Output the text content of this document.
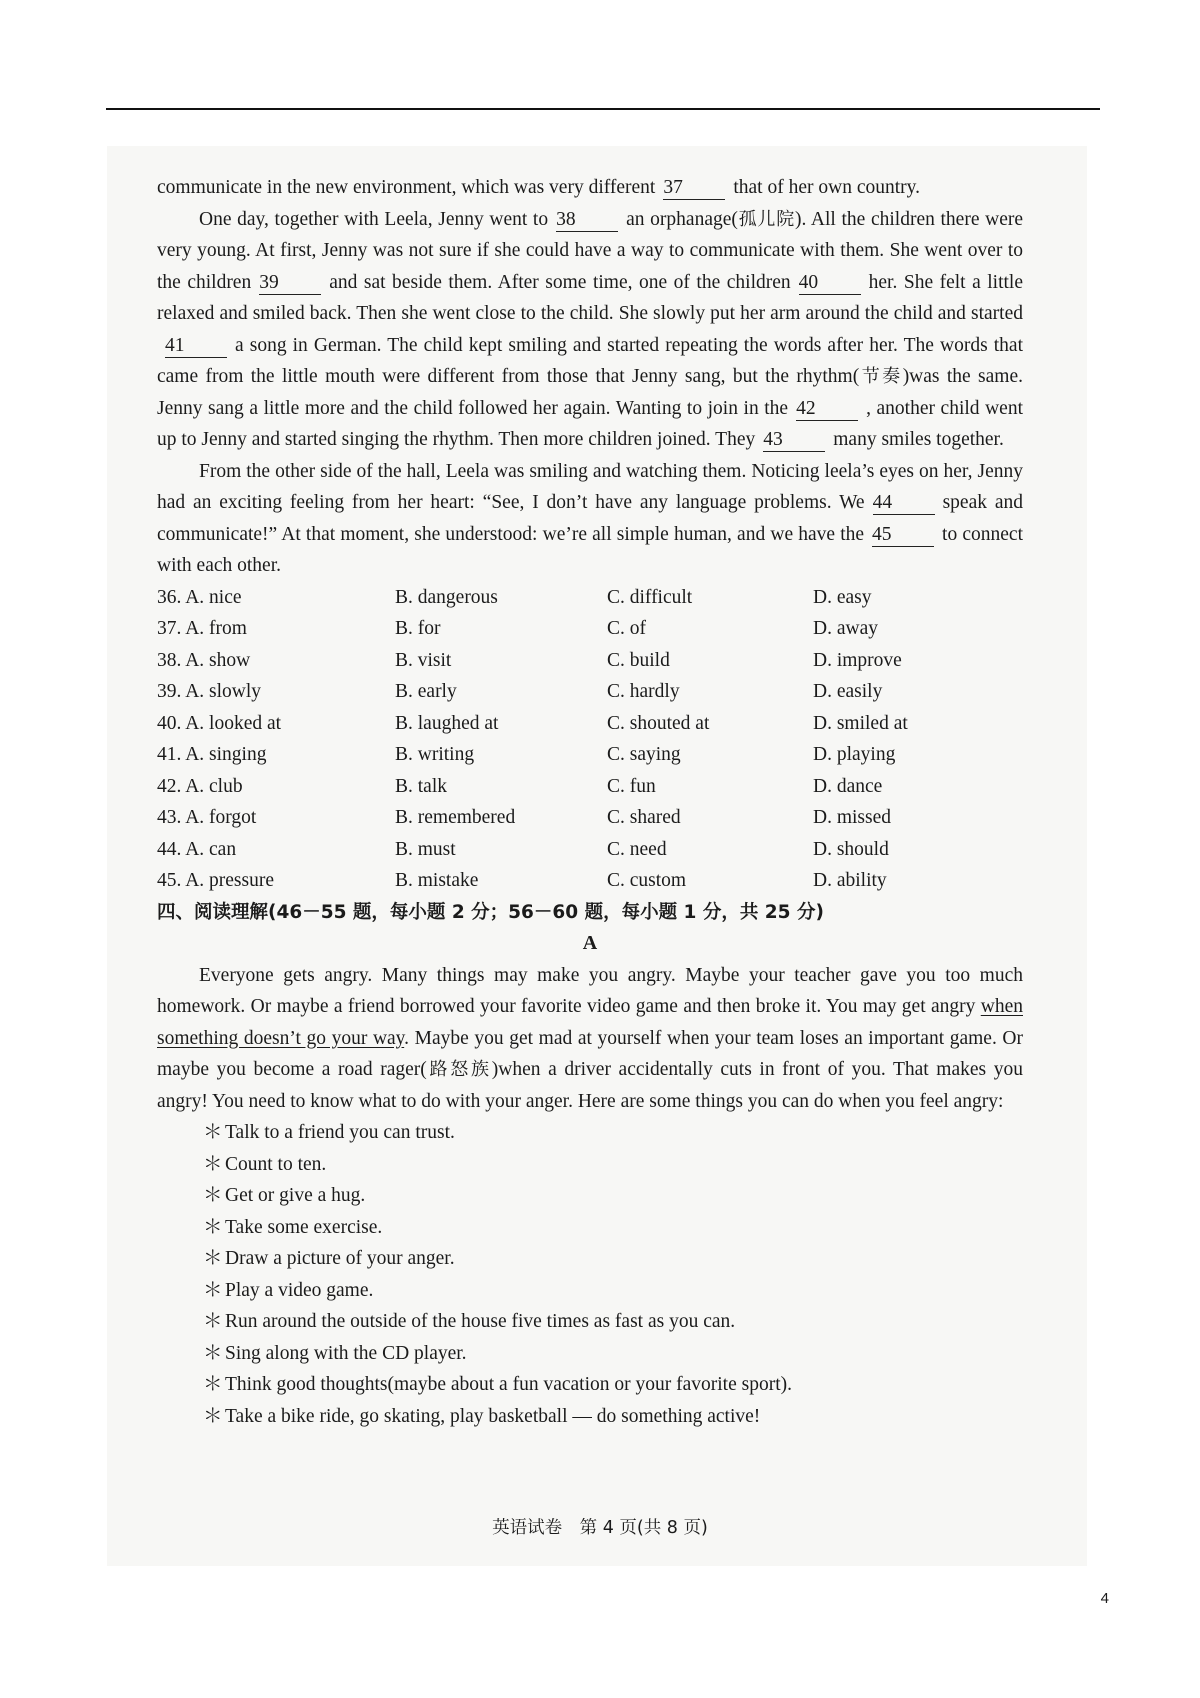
communicate in the new environment, which was very different 37	that of her own country.

One day, together with Leela, Jenny went to 38	an orphanage(孤儿院). All the children there were very young. At first, Jenny was not sure if she could have a way to communicate with them. She went over to the children 39	and sat beside them. After some time, one of the children 40	her. She felt a little relaxed and smiled back. Then she went close to the child. She slowly put her arm around the child and started41	a song in German. The child kept smiling and started repeating the words after her. The words that came from the little mouth were different from those that Jenny sang, but the rhythm(节奏)was the same. Jenny sang a little more and the child followed her again. Wanting to join in the 42	, another child went up to Jenny and started singing the rhythm. Then more children joined. They 43	many smiles together.

From the other side of the hall, Leela was smiling and watching them. Noticing leela’s eyes on her, Jenny had an exciting feeling from her heart: “See, I don’t have any language problems. We 44	speak and communicate!” At that moment, she understood: we’re all simple human, and we have the 45	to connect with each other.

36. A. nice	B. dangerous	C. difficult	D. easy
37. A. from	B. for	C. of	D. away
38. A. show	B. visit	C. build	D. improve
39. A. slowly	B. early	C. hardly	D. easily
40. A. looked at	B. laughed at	C. shouted at	D. smiled at
41. A. singing	B. writing	C. saying	D. playing
42. A. club	B. talk	C. fun	D. dance
43. A. forgot	B. remembered	C. shared	D. missed
44. A. can	B. must	C. need	D. should
45. A. pressure	B. mistake	C. custom	D. ability
四、阅读理解(46－55 题，每小题 2 分；56－60 题，每小题 1 分，共 25 分)
A

Everyone gets angry. Many things may make you angry. Maybe your teacher gave you too much homework. Or maybe a friend borrowed your favorite video game and then broke it. You may get angry when something doesn’t go your way. Maybe you get mad at yourself when your team loses an important game. Or maybe you become a road rager(路怒族)when a driver accidentally cuts in front of you. That makes you angry! You need to know what to do with your anger. Here are some things you can do when you feel angry:

＊ Talk to a friend you can trust.
＊ Count to ten.
＊ Get or give a hug.
＊ Take some exercise.
＊ Draw a picture of your anger.
＊ Play a video game.
＊ Run around the outside of the house five times as fast as you can.
＊ Sing along with the CD player.
＊ Think good thoughts(maybe about a fun vacation or your favorite sport).
＊ Take a bike ride, go skating, play basketball — do something active!
英语试卷　第 4 页(共 8 页)
4
